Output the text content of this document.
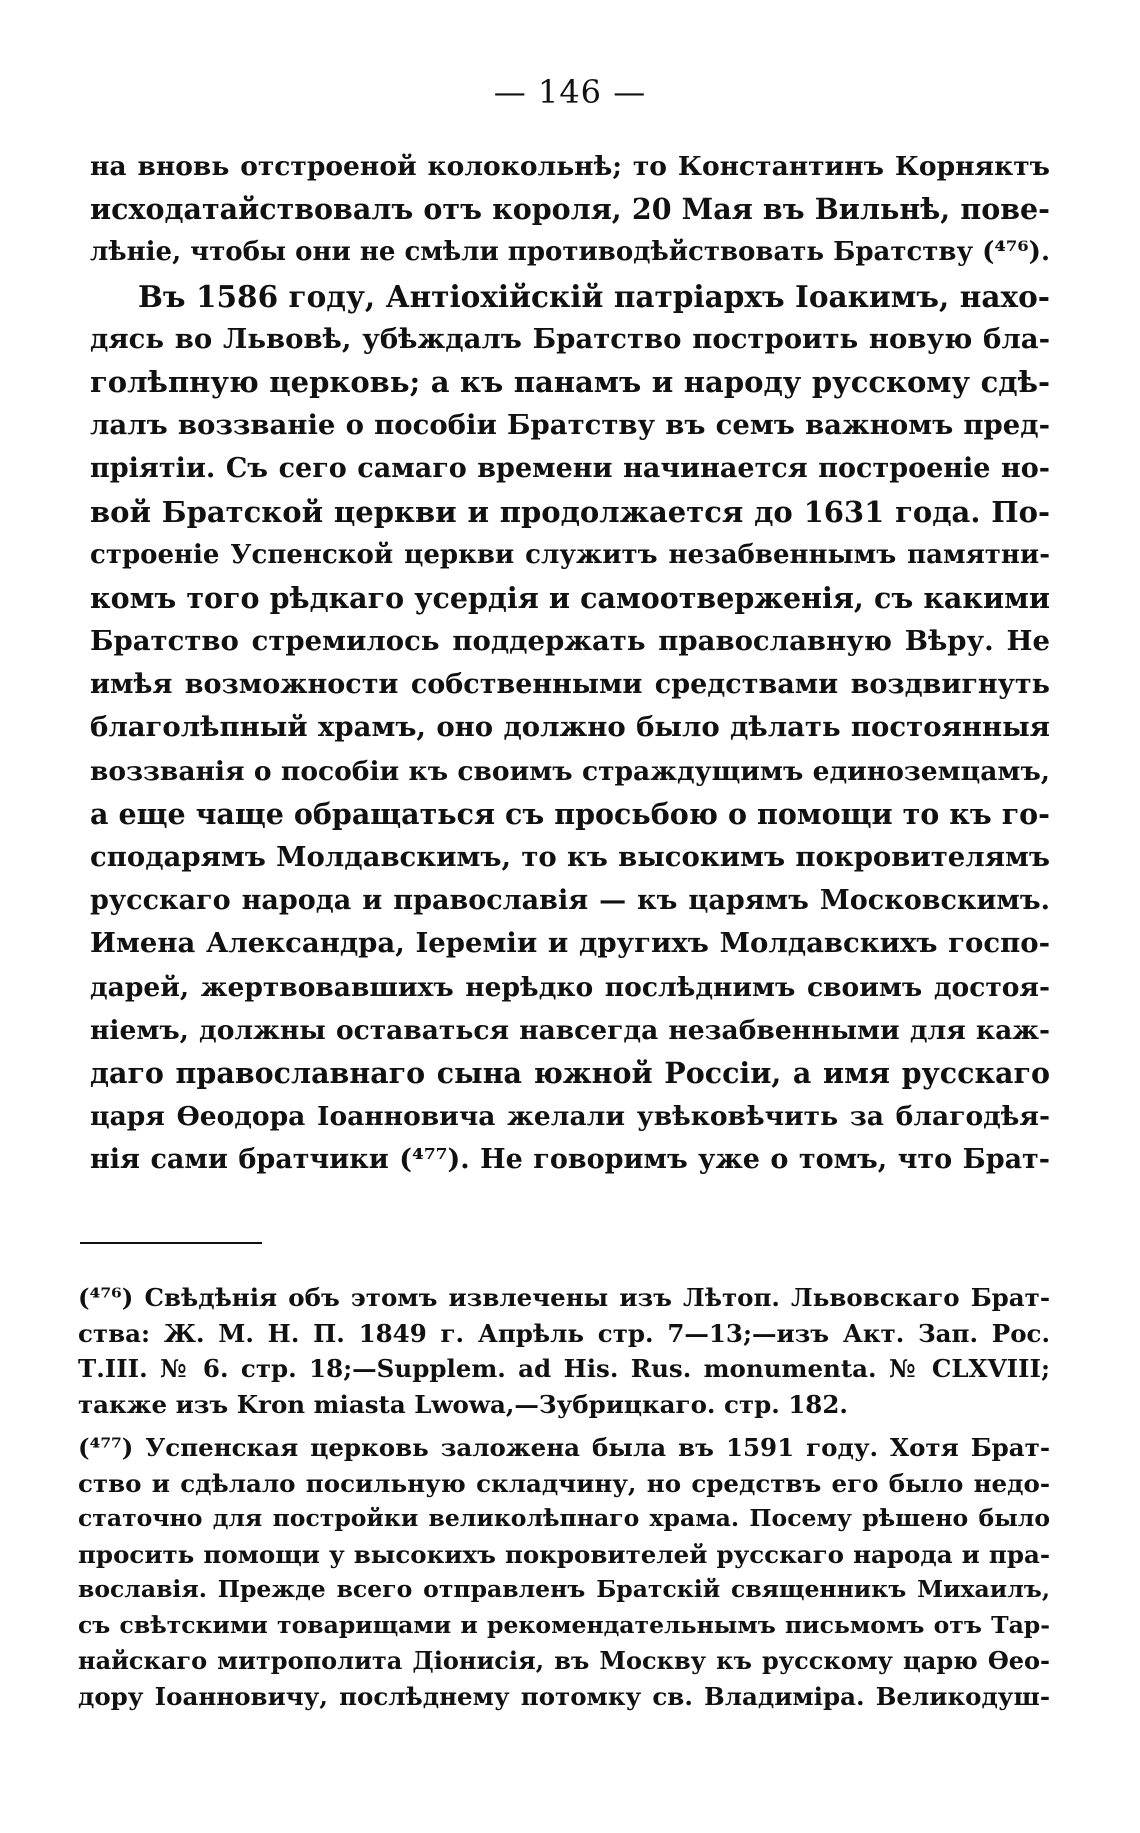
— 146 —
на вновь отстроеной колокольнѣ; то Константинъ Корняктъ
исходатайствовалъ отъ короля, 20 Мая въ Вильнѣ, пове-
лѣніе, чтобы они не смѣли противодѣйствовать Братству (⁴⁷⁶).
Въ 1586 году, Антіохійскій патріархъ Іоакимъ, нахо-
дясь во Львовѣ, убѣждалъ Братство построить новую бла-
голѣпную церковь; а къ панамъ и народу русскому сдѣ-
лалъ воззваніе о пособіи Братству въ семъ важномъ пред-
пріятіи. Съ сего самаго времени начинается построеніе но-
вой Братской церкви и продолжается до 1631 года. По-
строеніе Успенской церкви служитъ незабвеннымъ памятни-
комъ того рѣдкаго усердія и самоотверженія, съ какими
Братство стремилось поддержать православную Вѣру. Не
имѣя возможности собственными средствами воздвигнуть
благолѣпный храмъ, оно должно было дѣлать постоянныя
воззванія о пособіи къ своимъ страждущимъ единоземцамъ,
а еще чаще обращаться съ просьбою о помощи то къ го-
сподарямъ Молдавскимъ, то къ высокимъ покровителямъ
русскаго народа и православія — къ царямъ Московскимъ.
Имена Александра, Іереміи и другихъ Молдавскихъ госпо-
дарей, жертвовавшихъ нерѣдко послѣднимъ своимъ достоя-
ніемъ, должны оставаться навсегда незабвенными для каж-
даго православнаго сына южной Россіи, а имя русскаго
царя Өеодора Іоанновича желали увѣковѣчить за благодѣя-
нія сами братчики (⁴⁷⁷). Не говоримъ уже о томъ, что Брат-
(⁴⁷⁶) Свѣдѣнія объ этомъ извлечены изъ Лѣтоп. Львовскаго Брат-
ства: Ж. М. Н. П. 1849 г. Апрѣль стр. 7—13;—изъ Акт. Зап. Рос.
Т.III. № 6. стр. 18;—Supplem. ad His. Rus. monumenta. № CLXVIII;
также изъ Kron miasta Lwowa,—Зубрицкаго. стр. 182.
(⁴⁷⁷) Успенская церковь заложена была въ 1591 году. Хотя Брат-
ство и сдѣлало посильную складчину, но средствъ его было недо-
статочно для постройки великолѣпнаго храма. Посему рѣшено было
просить помощи у высокихъ покровителей русскаго народа и пра-
вославія. Прежде всего отправленъ Братскій священникъ Михаилъ,
съ свѣтскими товарищами и рекомендательнымъ письмомъ отъ Тар-
найскаго митрополита Діонисія, въ Москву къ русскому царю Өео-
дору Іоанновичу, послѣднему потомку св. Владиміра. Великодуш-
